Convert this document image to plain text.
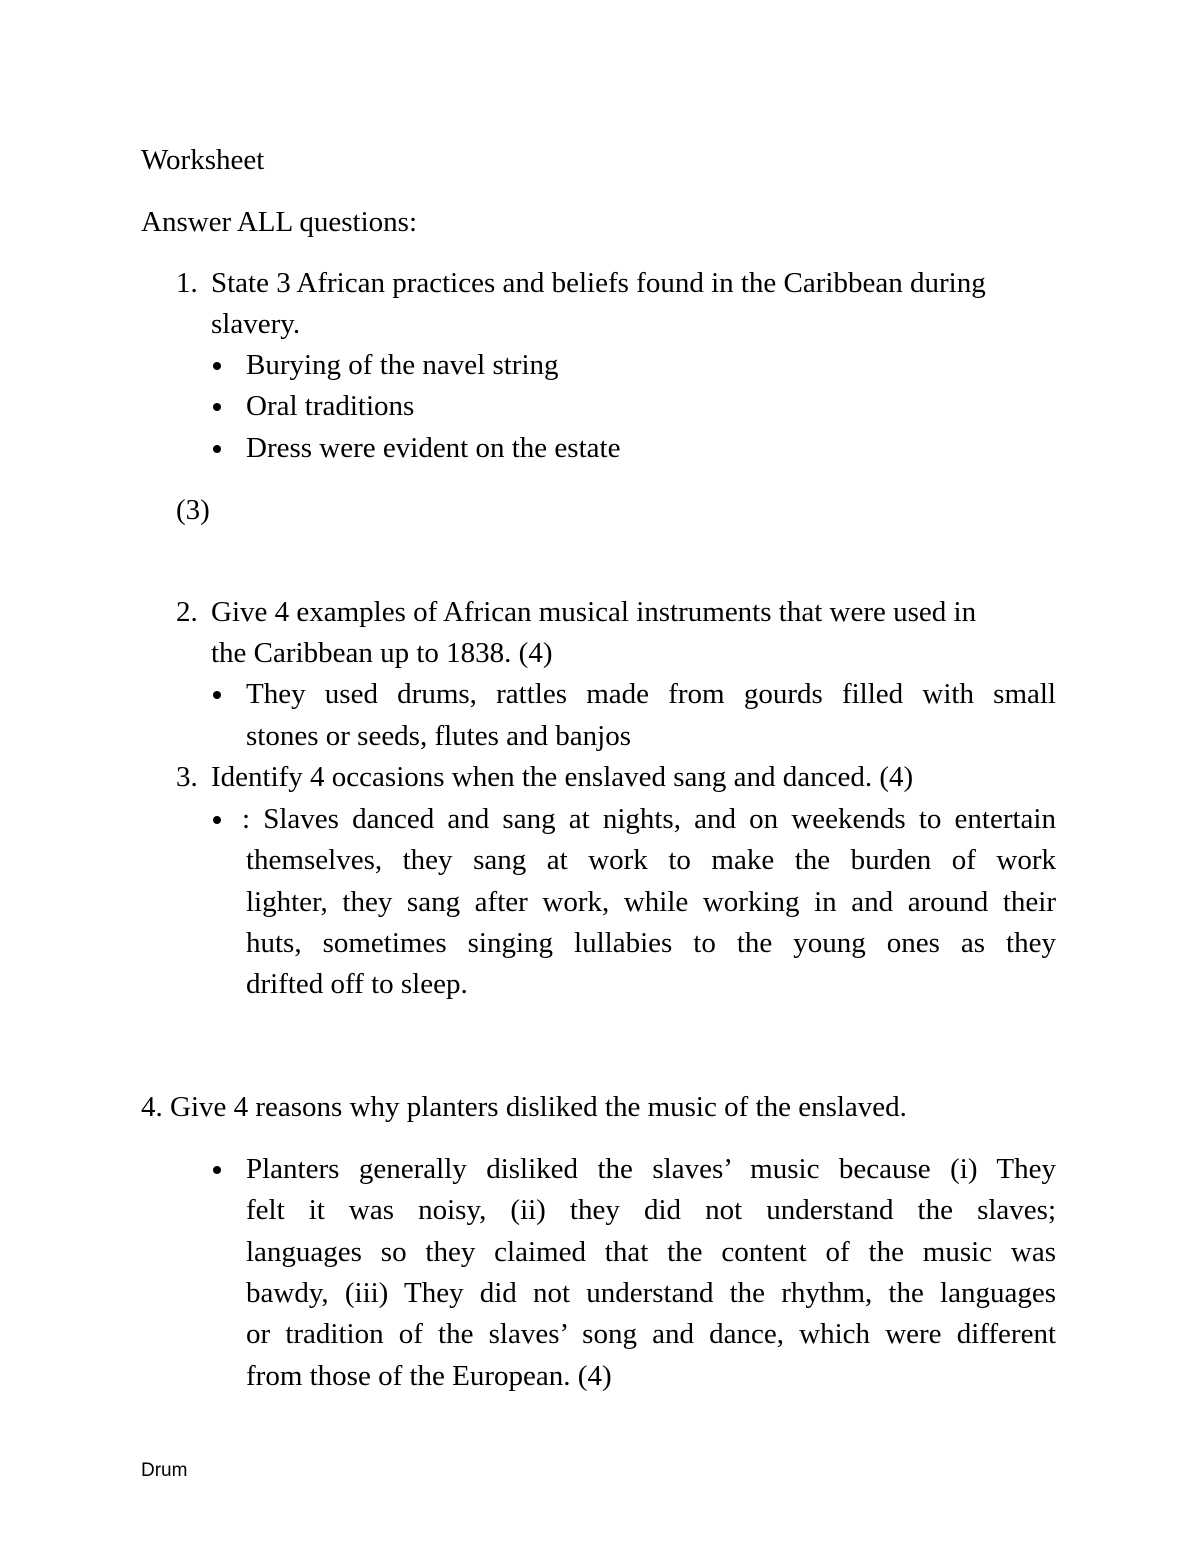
Worksheet
Answer ALL questions:
1. State 3 African practices and beliefs found in the Caribbean during
slavery.
Burying of the navel string
Oral traditions
Dress were evident on the estate
(3)
2. Give 4 examples of African musical instruments that were used in
the Caribbean up to 1838. (4)
They used drums, rattles made from gourds filled with small
stones or seeds, flutes and banjos
3. Identify 4 occasions when the enslaved sang and danced. (4)
: Slaves danced and sang at nights, and on weekends to entertain
themselves, they sang at work to make the burden of work
lighter, they sang after work, while working in and around their
huts, sometimes singing lullabies to the young ones as they
drifted off to sleep.
4. Give 4 reasons why planters disliked the music of the enslaved.
Planters generally disliked the slaves’ music because (i) They
felt it was noisy, (ii) they did not understand the slaves;
languages so they claimed that the content of the music was
bawdy, (iii) They did not understand the rhythm, the languages
or tradition of the slaves’ song and dance, which were different
from those of the European. (4)
Drum
